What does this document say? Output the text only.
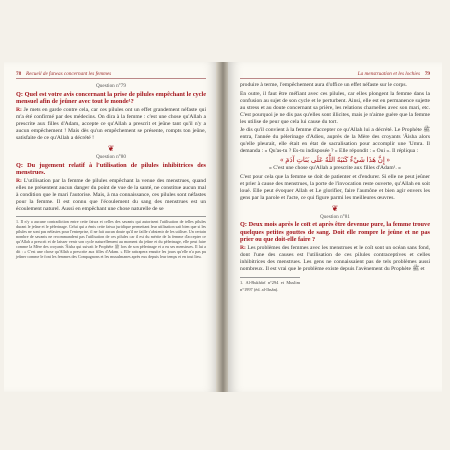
78 Recueil de fatwas concernant les femmes
Question n°79

Q: Quel est votre avis concernant la prise de pilules empêchant le cycle mensuel afin de jeûner avec tout le monde¹?

R: Je mets en garde contre cela, car ces pilules ont un effet grandement néfaste qui m'a été confirmé par des médecins. On dira à la femme : c'est une chose qu'Allah a prescrite aux filles d'Adam, accepte ce qu'Allah a prescrit et jeûne tant qu'il n'y a aucun empêchement ! Mais dès qu'un empêchement se présente, rompts ton jeûne, satisfaite de ce qu'Allah a décrété !

❦
Question n°80

Q: Du jugement relatif à l'utilisation de pilules inhibitrices des menstrues.

R: L'utilisation par la femme de pilules empêchant la venue des menstrues, quand elles ne présentent aucun danger du point de vue de la santé, ne constitue aucun mal à condition que le mari l'autorise. Mais, à ma connaissance, ces pilules sont néfastes pour la femme. Il est connu que l'écoulement du sang des menstrues est un écoulement naturel. Aussi en empêchant une chose naturelle de se

1. Il n'y a aucune contradiction entre cette fatwa et celles des savants qui autorisent l'utilisation de telles pilules durant le jeûne et le pèlerinage. Celui qui a émis cette fatwa juridique permettant leur utilisation sait bien que si les pilules ne sont pas néfastes pour l'entreprise, il ne fait aucun doute qu'il ne faille s'abstenir de les utiliser. Un certain nombre de savants ne recommandent pas l'utilisation de ces pilules car il est du mérite de la femme d'accepter ce qu'Allah a prescrit et de laisser venir son cycle naturellement au moment du jeûne et du pèlerinage, elle peut faire comme la Mère des croyants 'Âisha qui suivait le Prophète ﷺ lors de son pèlerinage et a eu ses menstrues. Il lui a dit : « C'est une chose qu'Allah a prescrite aux filles d'Adam. » Elle rattrapera ensuite les jours qu'elle n'a pas pu jeûner comme le font les femmes des Compagnons et les musulmanes après eux depuis leur temps et en tout lieu.
La menstruation et les lochies 79

produire à terme, l'empêchement aura d'office un effet néfaste sur le corps.

En outre, il faut être méfiant avec ces pilules, car elles plongent la femme dans la confusion au sujet de son cycle et le perturbent. Ainsi, elle est en permanence sujette au stress et au doute concernant sa prière, les relations charnelles avec son mari, etc. C'est pourquoi je ne dis pas qu'elles sont illicites, mais je n'aime guère que la femme les utilise de peur que cela lui cause du tort.

Je dis qu'il convient à la femme d'accepter ce qu'Allah lui a décrété. Le Prophète ﷺ entra, l'année du pèlerinage d'Adieu, auprès de la Mère des croyants 'Âisha alors qu'elle pleurait, elle était en état de sacralisation pour accomplir une 'Umra. Il demanda : « Qu'as-tu ? Es-tu indisposée ? » Elle répondit : « Oui ». Il répliqua :

« إِنَّ هَذَا شَيْءٌ كَتَبَهُ اللَّهُ عَلَى بَنَاتِ آدَمَ »

« C'est une chose qu'Allah a prescrite aux filles d'Adam¹. »

C'est pour cela que la femme se doit de patienter et d'endurer. Si elle ne peut jeûner et prier à cause des menstrues, la porte de l'invocation reste ouverte, qu'Allah en soit loué. Elle peut évoquer Allah et Le glorifier, faire l'aumône et bien agir envers les gens par la parole et l'acte, ce qui figure parmi les meilleures œuvres.

❦
Question n°81

Q: Deux mois après le coït et après être devenue pure, la femme trouve quelques petites gouttes de sang. Doit elle rompre le jeûne et ne pas prier ou que doit-elle faire ?

R: Les problèmes des femmes avec les menstrues et le coït sont un océan sans fond, dont l'une des causes est l'utilisation de ces pilules contraceptives et celles inhibitrices des menstrues. Les gens ne connaissaient pas de tels problèmes aussi nombreux. Il est vrai que le problème existe depuis l'avènement du Prophète ﷺ et

1. Al-Bukhârî n°294 et Muslim n°1997 (éd. al-Ihsân).
